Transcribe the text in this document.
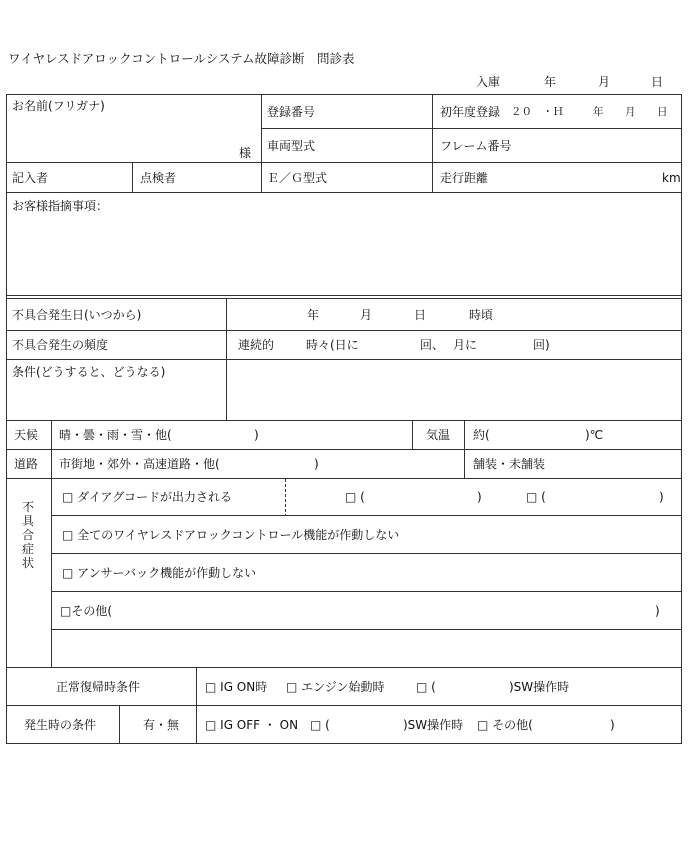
ワイヤレスドアロックコントロールシステム故障診断　問診表
入庫	年	月	日
お名前(フリガナ)
様
登録番号	初年度登録 ２０　・Ｈ	年 月 日
車両型式	フレーム番号
記入者	点検者	Ｅ／Ｇ型式	走行距離	km
お客様指摘事項：
不具合発生日(いつから)	年	月	日	時頃
不具合発生の頻度	連続的	時々(日に	回、 月に	回)
条件(どうすると、どうなる)
天候 晴・曇・雨・雪・他(	)	気温 約(	)℃
道路 市街地・郊外・高速道路・他(	)	舗装・未舗装
不
具
合
症
状
□ ダイアグコードが出力される	□ (	)	□ (	)
□ 全てのワイヤレスドアロックコントロール機能が作動しない
□ アンサーバック機能が作動しない
□その他(	)
正常復帰時条件	□ IG ON時 □ エンジン始動時	□ (	)SW操作時
発生時の条件	有・無 □ IG OFF ・ ON □ (	)SW操作時 □ その他(	)
